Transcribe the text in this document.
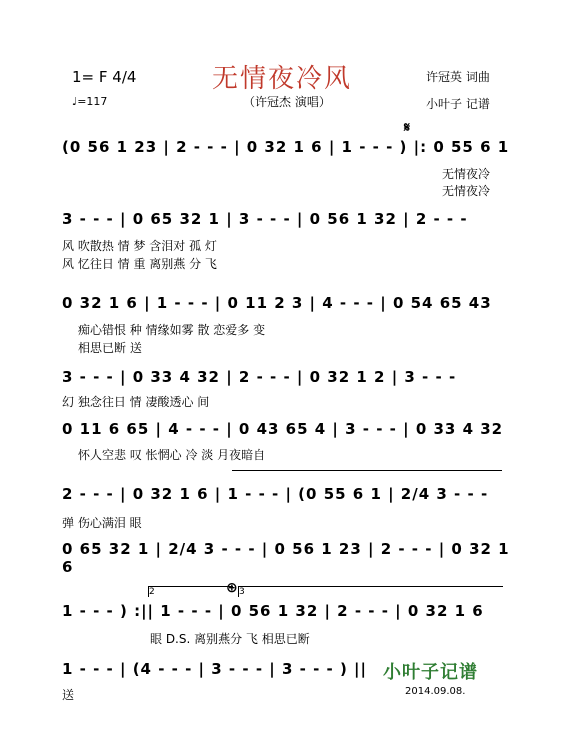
无情夜冷风
（许冠杰 演唱）
1= F 4/4
♩=117
许冠英 词曲
小叶子 记谱
𝄋
(0 56 1 23 | 2 - - - | 0 32 1 6 | 1 - - - ) |: 0 55 6 1
无情夜冷
无情夜冷
3 - - - | 0 65 32 1 | 3 - - - | 0 56 1 32 | 2 - - -
风 吹散热 情 梦 含泪对 孤 灯
风 忆往日 情 重 离别燕 分 飞
0 32 1 6 | 1 - - - | 0 11 2 3 | 4 - - - | 0 54 65 43
痴心错恨 种 情缘如雾 散 恋爱多 变
相思已断 送
3 - - - | 0 33 4 32 | 2 - - - | 0 32 1 2 | 3 - - -
幻 独念往日 情 凄酸透心 间
0 11 6 65 | 4 - - - | 0 43 65 4 | 3 - - - | 0 33 4 32
怀人空悲 叹 怅惘心 冷 淡 月夜暗自
2 - - - | 0 32 1 6 | 1 - - - | (0 55 6 1 | 2/4 3 - - -
弹 伤心满泪 眼
0 65 32 1 | 2/4 3 - - - | 0 56 1 23 | 2 - - - | 0 32 1 6
2	⊕ 3
1 - - - ) :|| 1 - - - | 0 56 1 32 | 2 - - - | 0 32 1 6
眼 D.S. 离别燕分 飞 相思已断
1 - - - | (4 - - - | 3 - - - | 3 - - - ) ||
送
小叶子记谱
2014.09.08.
